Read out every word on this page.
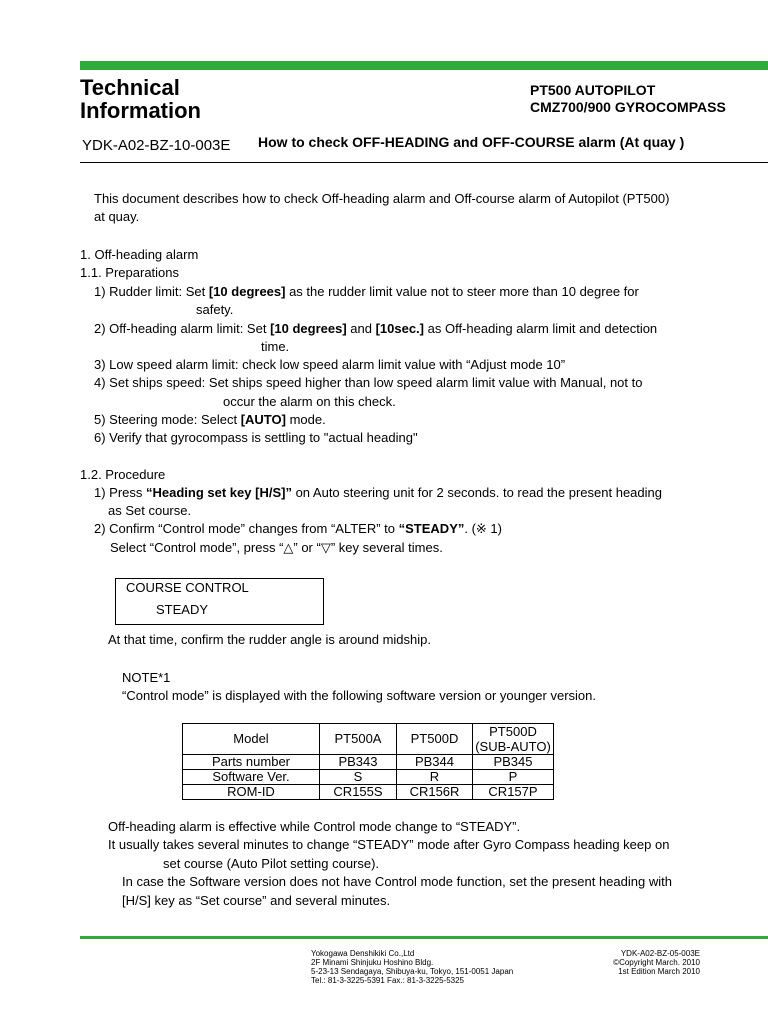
Technical
Information
PT500 AUTOPILOT
CMZ700/900 GYROCOMPASS
YDK-A02-BZ-10-003E How to check OFF-HEADING and OFF-COURSE alarm (At quay )
This document describes how to check Off-heading alarm and Off-course alarm of Autopilot (PT500)
at quay.
1. Off-heading alarm
1.1. Preparations
1) Rudder limit: Set [10 degrees] as the rudder limit value not to steer more than 10 degree for
safety.
2) Off-heading alarm limit: Set [10 degrees] and [10sec.] as Off-heading alarm limit and detection
time.
3) Low speed alarm limit: check low speed alarm limit value with “Adjust mode 10”
4) Set ships speed: Set ships speed higher than low speed alarm limit value with Manual, not to
occur the alarm on this check.
5) Steering mode: Select [AUTO] mode.
6) Verify that gyrocompass is settling to "actual heading"
1.2. Procedure
1) Press “Heading set key [H/S]” on Auto steering unit for 2 seconds. to read the present heading
as Set course.
2) Confirm “Control mode” changes from “ALTER” to “STEADY”. (※ 1)
Select “Control mode”, press “△” or “▽” key several times.
COURSE CONTROL
STEADY
At that time, confirm the rudder angle is around midship.
NOTE*1
“Control mode” is displayed with the following software version or younger version.
Model	PT500A	PT500D	PT500D
(SUB-AUTO)

Parts number	PB343	PB344	PB345
Software Ver.	S	R	P
ROM-ID	CR155S	CR156R	CR157P
Off-heading alarm is effective while Control mode change to “STEADY”.
It usually takes several minutes to change “STEADY” mode after Gyro Compass heading keep on
set course (Auto Pilot setting course).
In case the Software version does not have Control mode function, set the present heading with
[H/S] key as “Set course” and several minutes.
Yokogawa Denshikiki Co.,Ltd
2F Minami Shinjuku Hoshino Bldg.
5-23-13 Sendagaya, Shibuya-ku, Tokyo, 151-0051 Japan
Tel.: 81-3-3225-5391 Fax.: 81-3-3225-5325
YDK-A02-BZ-05-003E
©Copyright March. 2010
1st Edition March 2010
